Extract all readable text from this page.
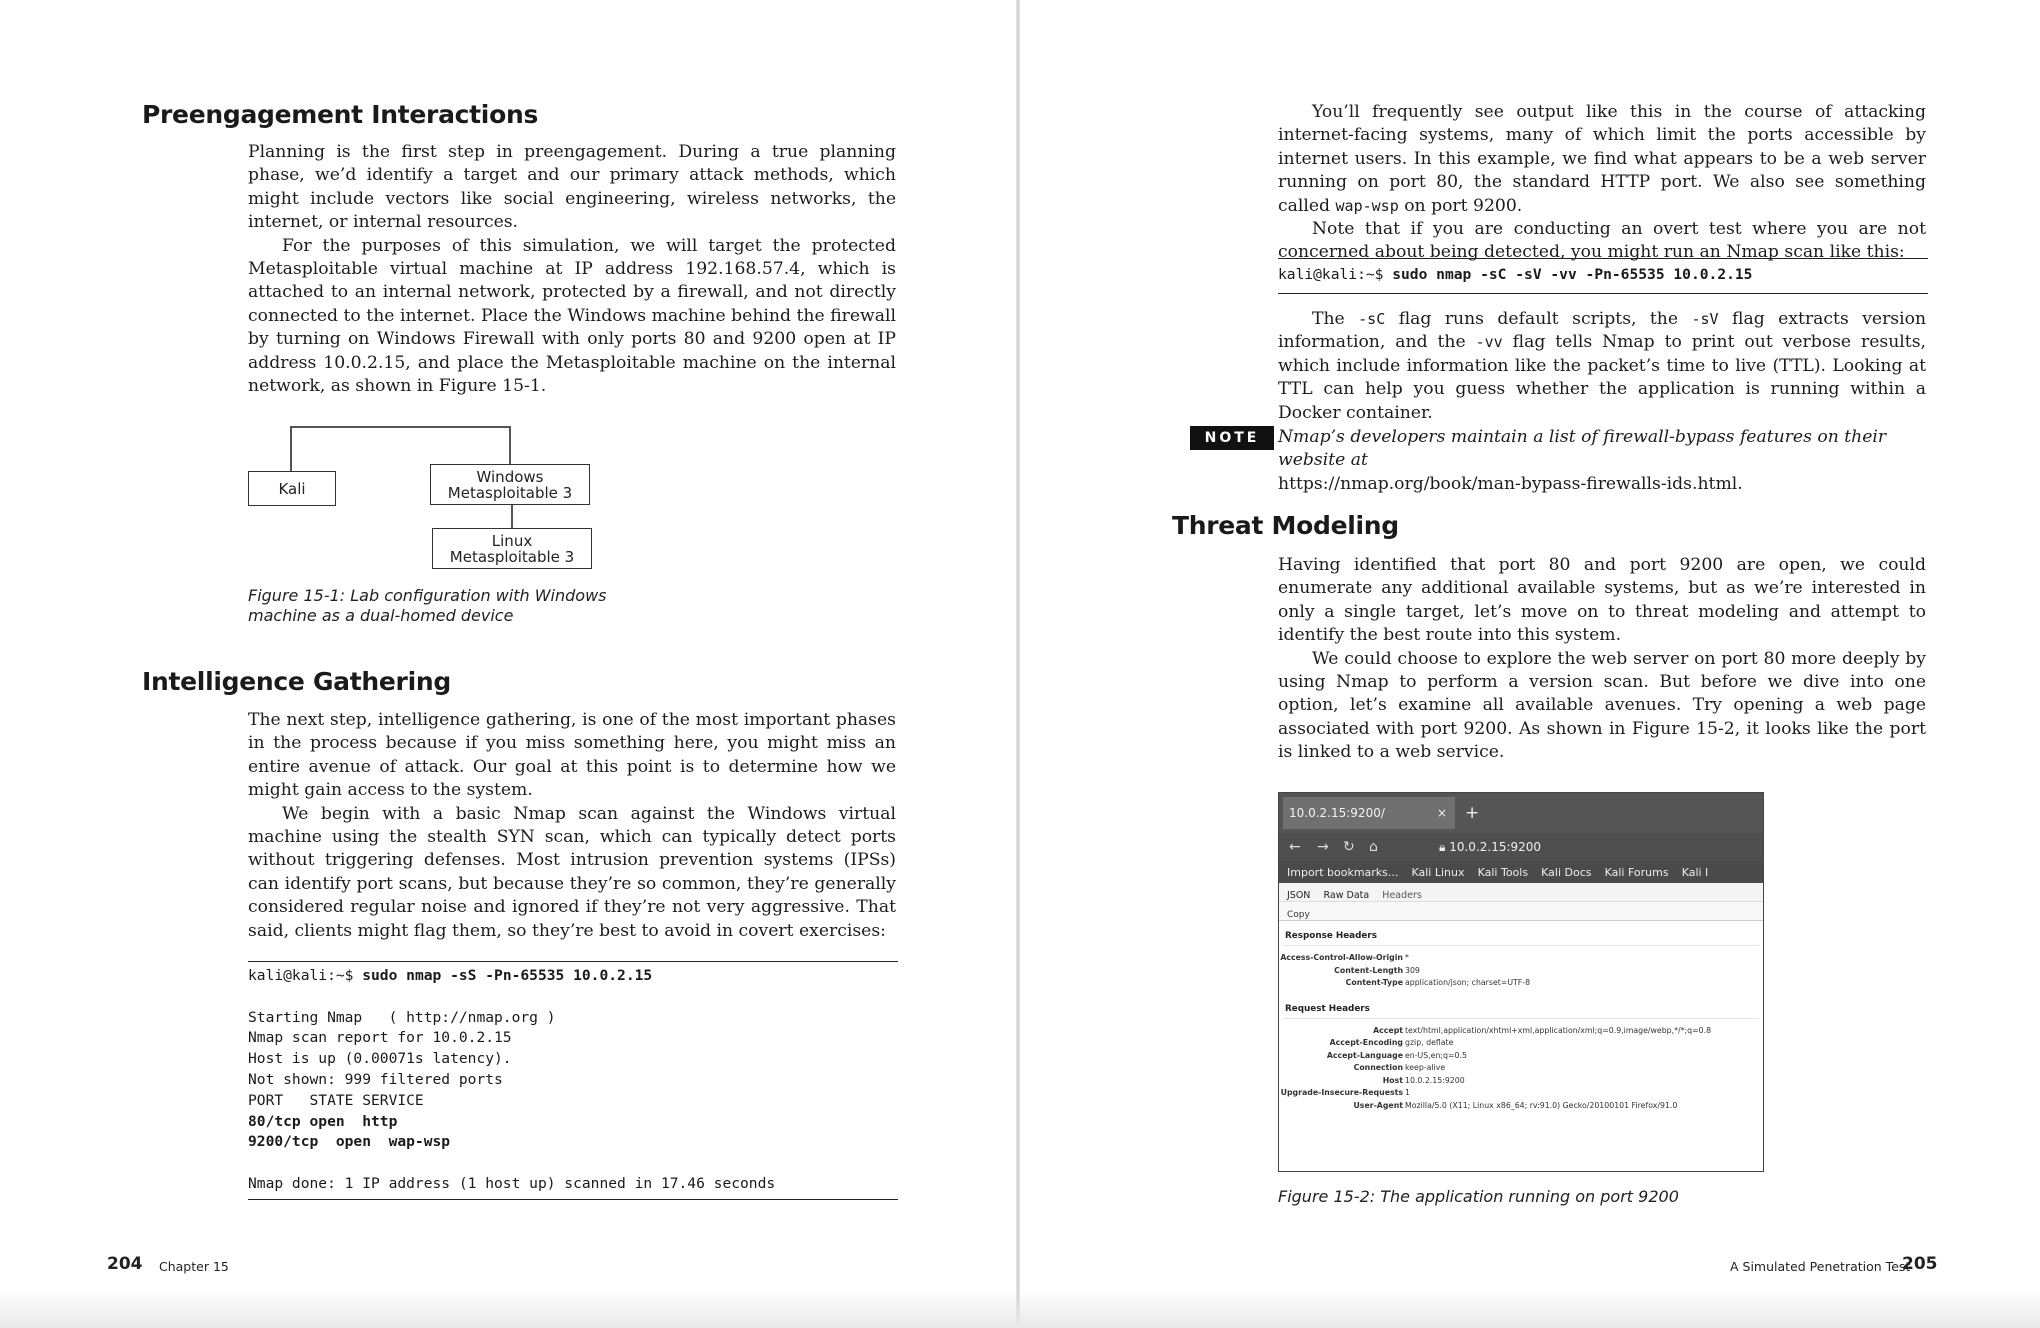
Preengagement Interactions

Planning is the first step in preengagement. During a true planning phase, we’d identify a target and our primary attack methods, which might include vectors like social engineering, wireless networks, the internet, or internal resources.

For the purposes of this simulation, we will target the protected Metasploitable virtual machine at IP address 192.168.57.4, which is attached to an internal network, protected by a firewall, and not directly connected to the internet. Place the Windows machine behind the firewall by turning on Windows Firewall with only ports 80 and 9200 open at IP address 10.0.2.15, and place the Metasploitable machine on the internal network, as shown in Figure 15-1.

Kali
Windows
Metasploitable 3
Linux
Metasploitable 3
Figure 15-1: Lab configuration with Windows
machine as a dual-homed device
Intelligence Gathering

The next step, intelligence gathering, is one of the most important phases in the process because if you miss something here, you might miss an entire avenue of attack. Our goal at this point is to determine how we might gain access to the system.

We begin with a basic Nmap scan against the Windows virtual machine using the stealth SYN scan, which can typically detect ports without triggering defenses. Most intrusion prevention systems (IPSs) can identify port scans, but because they’re so common, they’re generally considered regular noise and ignored if they’re not very aggressive. That said, clients might flag them, so they’re best to avoid in covert exercises:

kali@kali:~$ sudo nmap -sS -Pn-65535 10.0.2.15
Starting Nmap   ( http://nmap.org )
Nmap scan report for 10.0.2.15
Host is up (0.00071s latency).
Not shown: 999 filtered ports
PORT   STATE SERVICE
80/tcp open  http
9200/tcp  open  wap-wsp
Nmap done: 1 IP address (1 host up) scanned in 17.46 seconds
204 Chapter 15

You’ll frequently see output like this in the course of attacking internet-facing systems, many of which limit the ports accessible by internet users. In this example, we find what appears to be a web server running on port 80, the standard HTTP port. We also see something called wap-wsp on port 9200.

Note that if you are conducting an overt test where you are not concerned about being detected, you might run an Nmap scan like this:

kali@kali:~$ sudo nmap -sC -sV -vv -Pn-65535 10.0.2.15

The -sC flag runs default scripts, the -sV flag extracts version information, and the -vv flag tells Nmap to print out verbose results, which include information like the packet’s time to live (TTL). Looking at TTL can help you guess whether the application is running within a Docker container.

NOTE	Nmap’s developers maintain a list of firewall-bypass features on their website at
https://nmap.org/book/man-bypass-firewalls-ids.html.

Threat Modeling

Having identified that port 80 and port 9200 are open, we could enumerate any additional available systems, but as we’re interested in only a single target, let’s move on to threat modeling and attempt to identify the best route into this system.

We could choose to explore the web server on port 80 more deeply by using Nmap to perform a version scan. But before we dive into one option, let’s examine all available avenues. Try opening a web page associated with port 9200. As shown in Figure 15-2, it looks like the port is linked to a web service.

Figure 15-2: The application running on port 9200
A Simulated Penetration Test
205
10.0.2.15:9200/	× +
← → ↻ ⌂	🔒︎ 10.0.2.15:9200
Import bookmarks... Kali Linux Kali Tools Kali Docs Kali Forums Kali I
JSON Raw Data Headers
Copy
Response Headers
Access-Control-Allow-Origin *
Content-Length 309
Content-Type application/json; charset=UTF-8
Request Headers
Accept text/html,application/xhtml+xml,application/xml;q=0.9,image/webp,*/*;q=0.8
Accept-Encoding gzip, deflate
Accept-Language en-US,en;q=0.5
Connection keep-alive
Host 10.0.2.15:9200
Upgrade-Insecure-Requests 1
User-Agent Mozilla/5.0 (X11; Linux x86_64; rv:91.0) Gecko/20100101 Firefox/91.0
